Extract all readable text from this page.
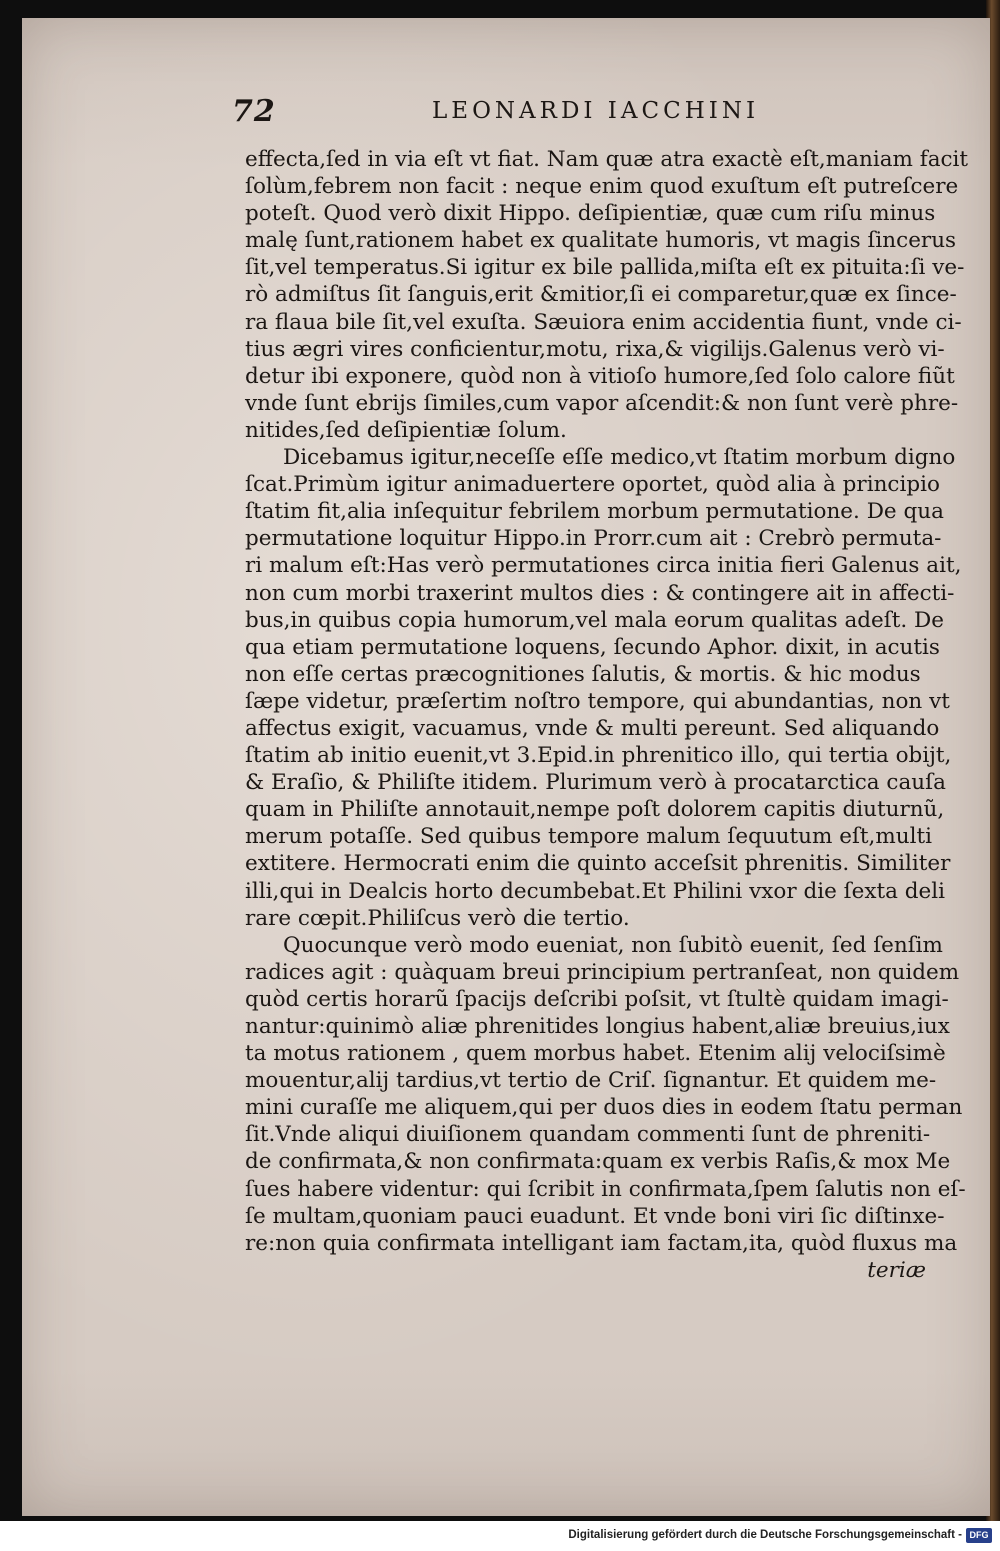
72	LEONARDI IACCHINI
effecta,ſed in via eſt vt fiat. Nam quæ atra exactè eſt,maniam facit
ſolùm,febrem non facit : neque enim quod exuſtum eſt putreſcere
poteſt. Quod verò dixit Hippo. deſipientiæ, quæ cum riſu minus
malę ſunt,rationem habet ex qualitate humoris, vt magis ſincerus
ſit,vel temperatus.Si igitur ex bile pallida,miſta eſt ex pituita:ſi ve-
rò admiſtus ſit ſanguis,erit &mitior,ſi ei comparetur,quæ ex ſince-
ra flaua bile ſit,vel exuſta. Sæuiora enim accidentia fiunt, vnde ci-
tius ægri vires conficientur,motu, rixa,& vigilijs.Galenus verò vi-
detur ibi exponere, quòd non à vitioſo humore,ſed ſolo calore fiũt
vnde ſunt ebrijs ſimiles,cum vapor aſcendit:& non ſunt verè phre-
nitides,ſed deſipientiæ ſolum.
Dicebamus igitur,neceſſe eſſe medico,vt ſtatim morbum digno
ſcat.Primùm igitur animaduertere oportet, quòd alia à principio
ſtatim fit,alia inſequitur febrilem morbum permutatione. De qua
permutatione loquitur Hippo.in Prorr.cum ait : Crebrò permuta-
ri malum eſt:Has verò permutationes circa initia fieri Galenus ait,
non cum morbi traxerint multos dies : & contingere ait in affecti-
bus,in quibus copia humorum,vel mala eorum qualitas adeſt. De
qua etiam permutatione loquens, ſecundo Aphor. dixit, in acutis
non eſſe certas præcognitiones ſalutis, & mortis. & hic modus
ſæpe videtur, præſertim noſtro tempore, qui abundantias, non vt
affectus exigit, vacuamus, vnde & multi pereunt. Sed aliquando
ſtatim ab initio euenit,vt 3.Epid.in phrenitico illo, qui tertia obijt,
& Eraſio, & Philiſte itidem. Plurimum verò à procatarctica cauſa
quam in Philiſte annotauit,nempe poſt dolorem capitis diuturnũ,
merum potaſſe. Sed quibus tempore malum ſequutum eſt,multi
extitere. Hermocrati enim die quinto acceſsit phrenitis. Similiter
illi,qui in Dealcis horto decumbebat.Et Philini vxor die ſexta deli
rare cœpit.Philiſcus verò die tertio.
Quocunque verò modo eueniat, non ſubitò euenit, ſed ſenſim
radices agit : quàquam breui principium pertranſeat, non quidem
quòd certis horarũ ſpacijs deſcribi poſsit, vt ſtultè quidam imagi-
nantur:quinimò aliæ phrenitides longius habent,aliæ breuius,iux
ta motus rationem , quem morbus habet. Etenim alij velociſsimè
mouentur,alij tardius,vt tertio de Criſ. ſignantur. Et quidem me-
mini curaſſe me aliquem,qui per duos dies in eodem ſtatu perman
ſit.Vnde aliqui diuiſionem quandam commenti ſunt de phreniti-
de confirmata,& non confirmata:quam ex verbis Raſis,& mox Me
ſues habere videntur: qui ſcribit in confirmata,ſpem ſalutis non eſ-
ſe multam,quoniam pauci euadunt. Et vnde boni viri ſic diſtinxe-
re:non quia confirmata intelligant iam factam,ita, quòd fluxus ma
teriæ
Digitalisierung gefördert durch die Deutsche Forschungsgemeinschaft - DFG
